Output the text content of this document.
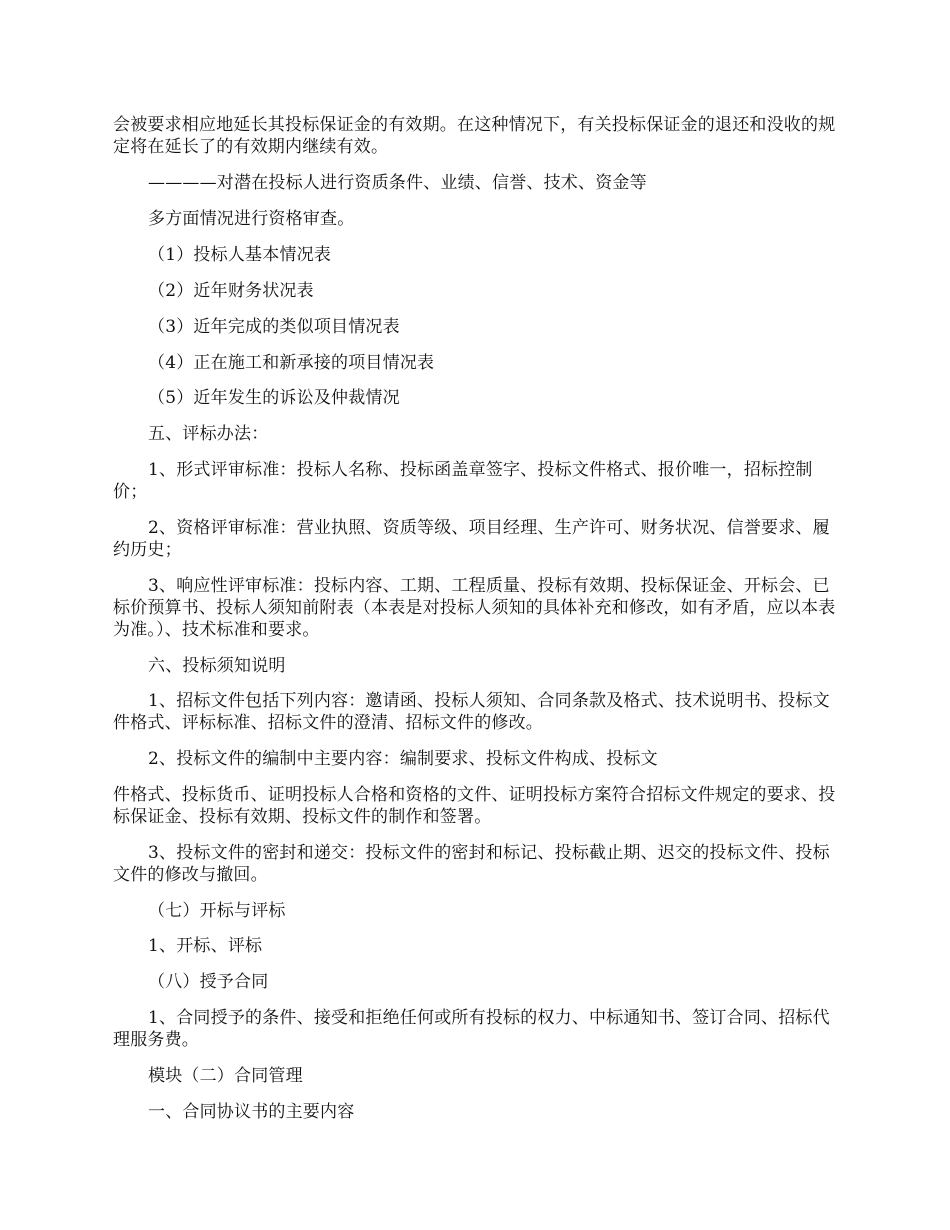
会被要求相应地延长其投标保证金的有效期。在这种情况下，有关投标保证金的退还和没收的规定将在延长了的有效期内继续有效。

————对潜在投标人进行资质条件、业绩、信誉、技术、资金等

多方面情况进行资格审查。

（1）投标人基本情况表

（2）近年财务状况表

（3）近年完成的类似项目情况表

（4）正在施工和新承接的项目情况表

（5）近年发生的诉讼及仲裁情况

五、评标办法：

1、形式评审标准：投标人名称、投标函盖章签字、投标文件格式、报价唯一，招标控制价；

2、资格评审标准：营业执照、资质等级、项目经理、生产许可、财务状况、信誉要求、履约历史；

3、响应性评审标准：投标内容、工期、工程质量、投标有效期、投标保证金、开标会、已标价预算书、投标人须知前附表（本表是对投标人须知的具体补充和修改，如有矛盾，应以本表为准。）、技术标准和要求。

六、投标须知说明

1、招标文件包括下列内容：邀请函、投标人须知、合同条款及格式、技术说明书、投标文件格式、评标标准、招标文件的澄清、招标文件的修改。

2、投标文件的编制中主要内容：编制要求、投标文件构成、投标文

件格式、投标货币、证明投标人合格和资格的文件、证明投标方案符合招标文件规定的要求、投标保证金、投标有效期、投标文件的制作和签署。

3、投标文件的密封和递交：投标文件的密封和标记、投标截止期、迟交的投标文件、投标文件的修改与撤回。

（七）开标与评标

1、开标、评标

（八）授予合同

1、合同授予的条件、接受和拒绝任何或所有投标的权力、中标通知书、签订合同、招标代理服务费。

模块（二）合同管理

一、合同协议书的主要内容
